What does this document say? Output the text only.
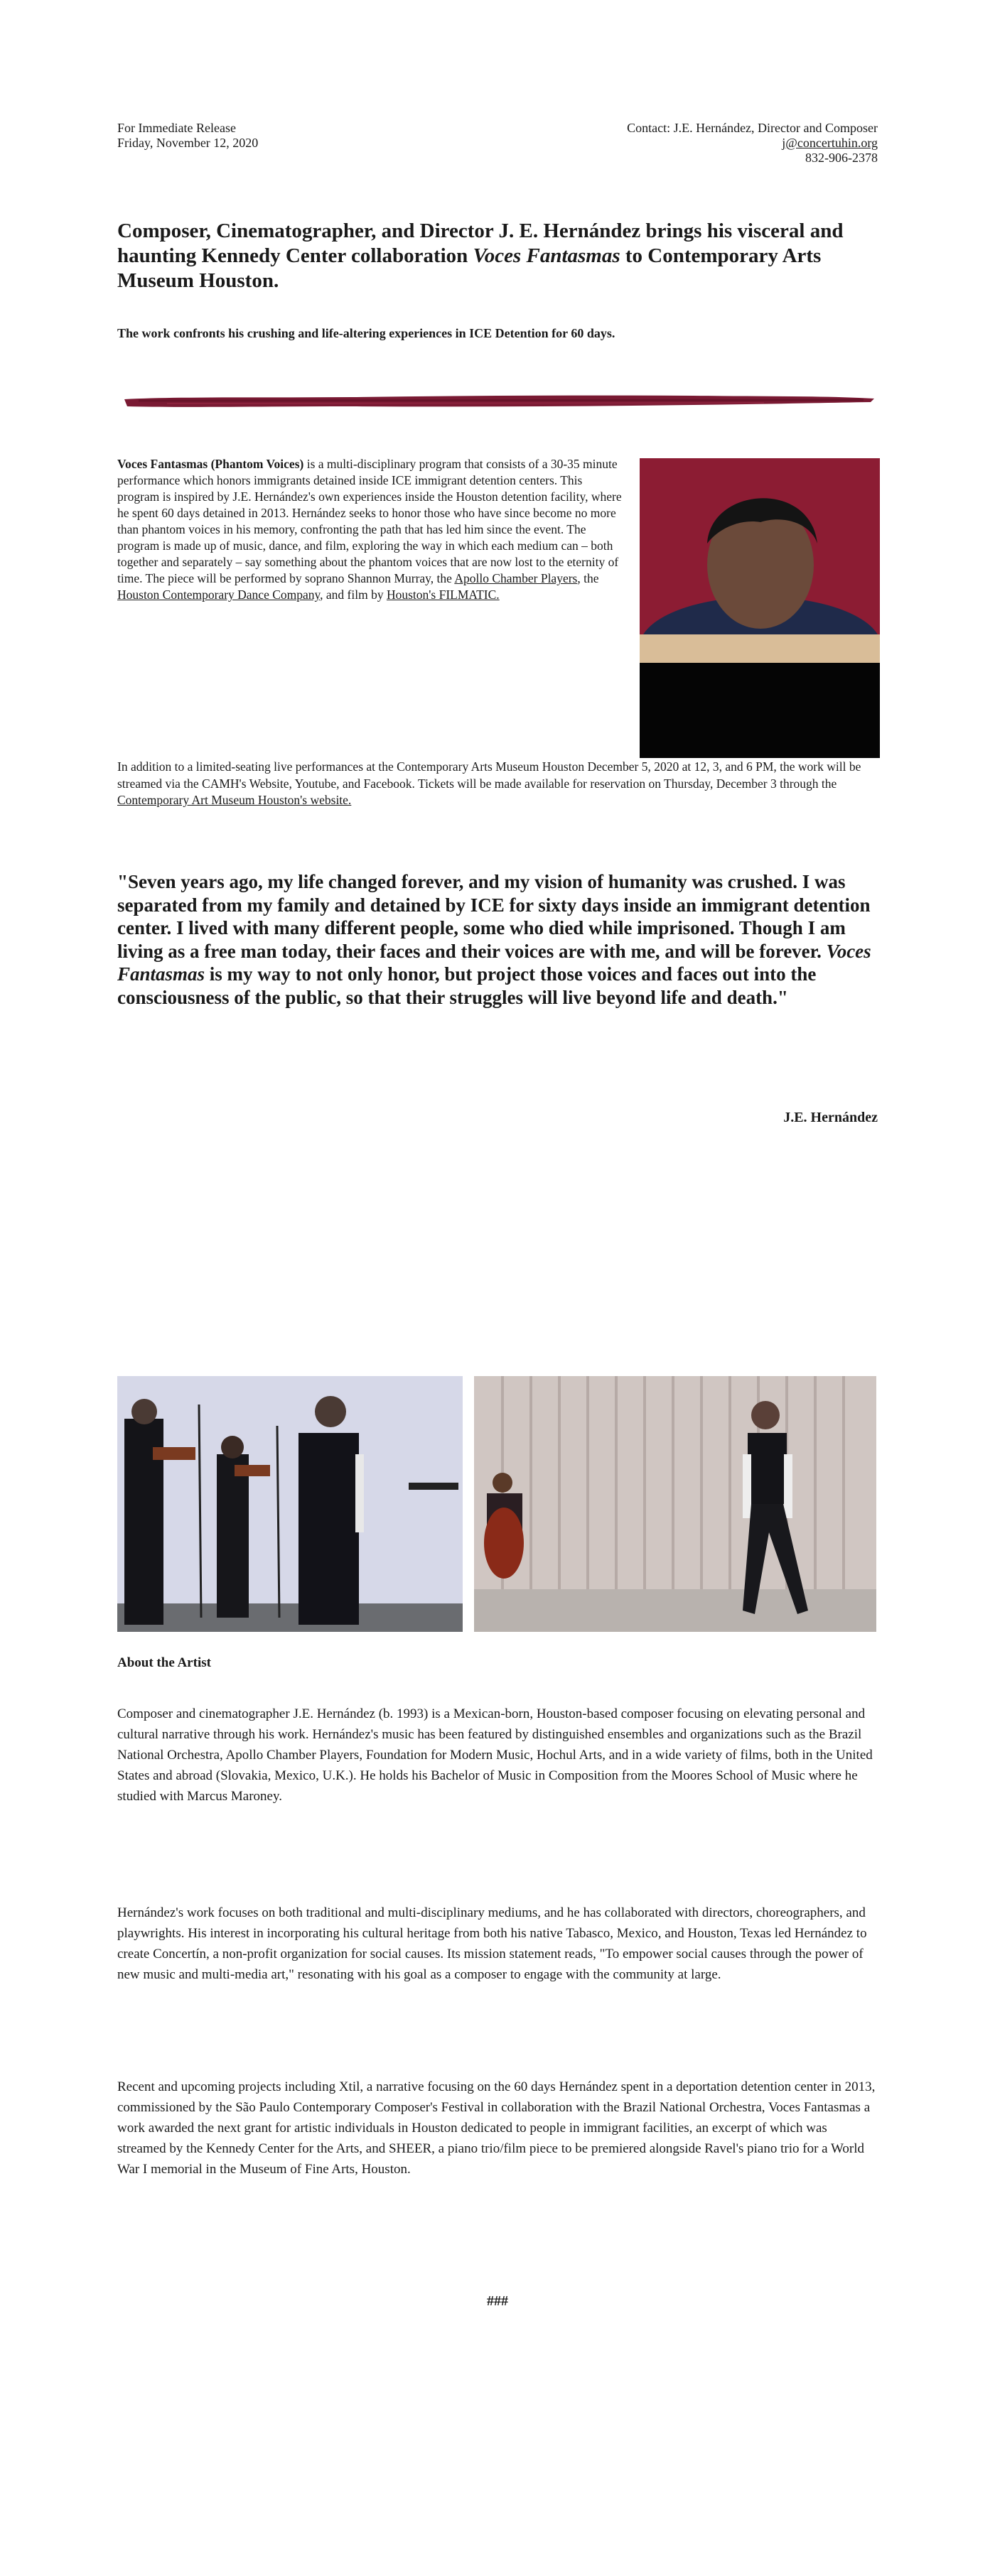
For Immediate Release
Friday, November 12, 2020
Contact: J.E. Hernández, Director and Composer
j@concertuhin.org
832-906-2378
Composer, Cinematographer, and Director J. E. Hernández brings his visceral and haunting Kennedy Center collaboration Voces Fantasmas to Contemporary Arts Museum Houston.
The work confronts his crushing and life-altering experiences in ICE Detention for 60 days.
Voces Fantasmas (Phantom Voices) is a multi-disciplinary program that consists of a 30-35 minute performance which honors immigrants detained inside ICE immigrant detention centers. This program is inspired by J.E. Hernández's own experiences inside the Houston detention facility, where he spent 60 days detained in 2013. Hernández seeks to honor those who have since become no more than phantom voices in his memory, confronting the path that has led him since the event. The program is made up of music, dance, and film, exploring the way in which each medium can – both together and separately – say something about the phantom voices that are now lost to the eternity of time. The piece will be performed by soprano Shannon Murray, the Apollo Chamber Players, the Houston Contemporary Dance Company, and film by Houston's FILMATIC.
In addition to a limited-seating live performances at the Contemporary Arts Museum Houston December 5, 2020 at 12, 3, and 6 PM, the work will be streamed via the CAMH's Website, Youtube, and Facebook. Tickets will be made available for reservation on Thursday, December 3 through the Contemporary Art Museum Houston's website.
"Seven years ago, my life changed forever, and my vision of humanity was crushed. I was separated from my family and detained by ICE for sixty days inside an immigrant detention center. I lived with many different people, some who died while imprisoned. Though I am living as a free man today, their faces and their voices are with me, and will be forever. Voces Fantasmas is my way to not only honor, but project those voices and faces out into the consciousness of the public, so that their struggles will live beyond life and death."
J.E. Hernández
About the Artist

Composer and cinematographer J.E. Hernández (b. 1993) is a Mexican-born, Houston-based composer focusing on elevating personal and cultural narrative through his work. Hernández's music has been featured by distinguished ensembles and organizations such as the Brazil National Orchestra, Apollo Chamber Players, Foundation for Modern Music, Hochul Arts, and in a wide variety of films, both in the United States and abroad (Slovakia, Mexico, U.K.). He holds his Bachelor of Music in Composition from the Moores School of Music where he studied with Marcus Maroney.

Hernández's work focuses on both traditional and multi-disciplinary mediums, and he has collaborated with directors, choreographers, and playwrights. His interest in incorporating his cultural heritage from both his native Tabasco, Mexico, and Houston, Texas led Hernández to create Concertín, a non-profit organization for social causes. Its mission statement reads, "To empower social causes through the power of new music and multi-media art," resonating with his goal as a composer to engage with the community at large.

Recent and upcoming projects including Xtil, a narrative focusing on the 60 days Hernández spent in a deportation detention center in 2013, commissioned by the São Paulo Contemporary Composer's Festival in collaboration with the Brazil National Orchestra, Voces Fantasmas a work awarded the next grant for artistic individuals in Houston dedicated to people in immigrant facilities, an excerpt of which was streamed by the Kennedy Center for the Arts, and SHEER, a piano trio/film piece to be premiered alongside Ravel's piano trio for a World War I memorial in the Museum of Fine Arts, Houston.

###
